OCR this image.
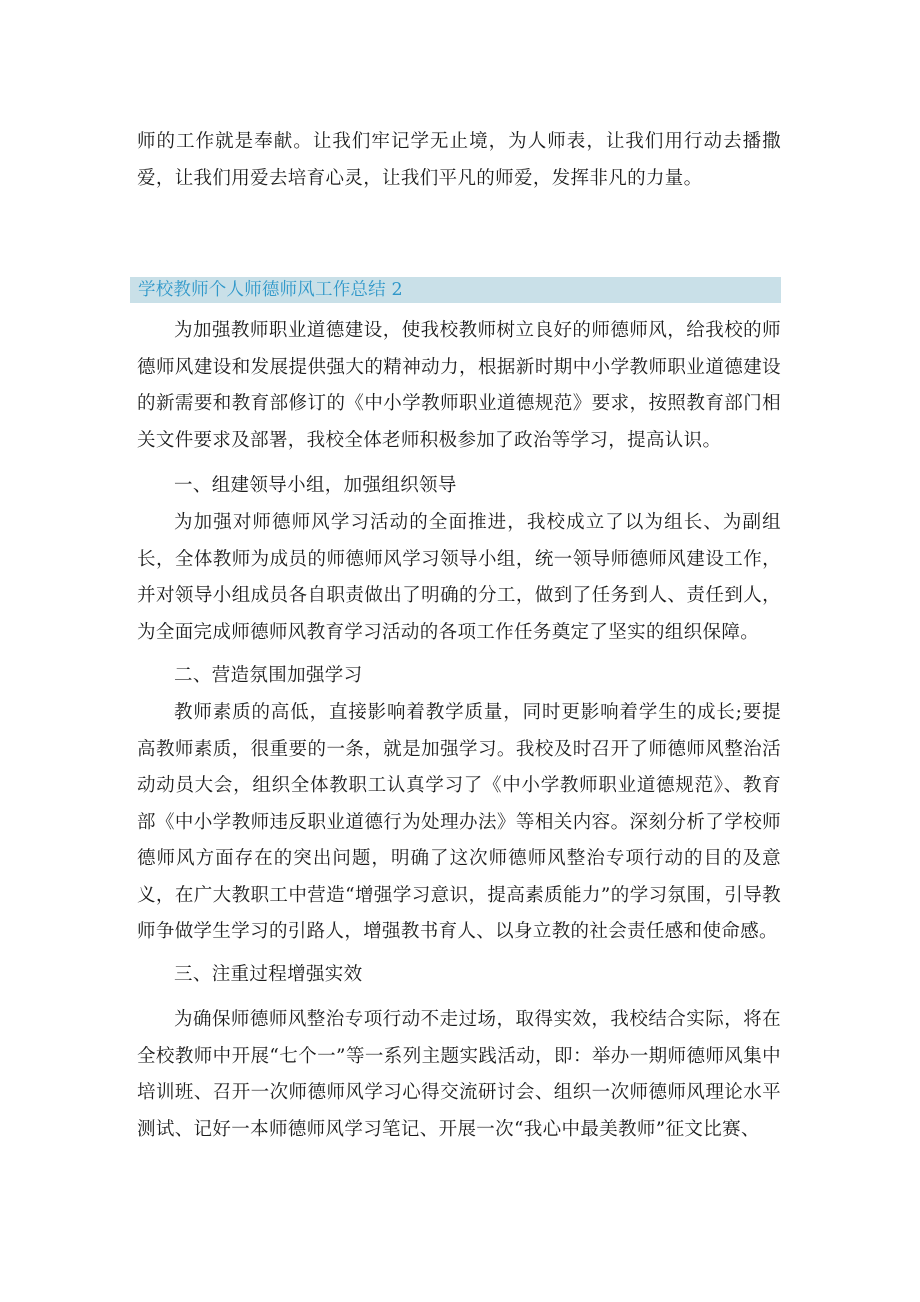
师的工作就是奉献。让我们牢记学无止境，为人师表，让我们用行动去播撒爱，让我们用爱去培育心灵，让我们平凡的师爱，发挥非凡的力量。

学校教师个人师德师风工作总结 2

为加强教师职业道德建设，使我校教师树立良好的师德师风，给我校的师德师风建设和发展提供强大的精神动力，根据新时期中小学教师职业道德建设的新需要和教育部修订的《中小学教师职业道德规范》要求，按照教育部门相关文件要求及部署，我校全体老师积极参加了政治等学习，提高认识。

一、组建领导小组，加强组织领导

为加强对师德师风学习活动的全面推进，我校成立了以为组长、为副组长，全体教师为成员的师德师风学习领导小组，统一领导师德师风建设工作，并对领导小组成员各自职责做出了明确的分工，做到了任务到人、责任到人，为全面完成师德师风教育学习活动的各项工作任务奠定了坚实的组织保障。

二、营造氛围加强学习

教师素质的高低，直接影响着教学质量，同时更影响着学生的成长;要提高教师素质，很重要的一条，就是加强学习。我校及时召开了师德师风整治活动动员大会，组织全体教职工认真学习了《中小学教师职业道德规范》、教育部《中小学教师违反职业道德行为处理办法》等相关内容。深刻分析了学校师德师风方面存在的突出问题，明确了这次师德师风整治专项行动的目的及意义，在广大教职工中营造“增强学习意识，提高素质能力”的学习氛围，引导教师争做学生学习的引路人，增强教书育人、以身立教的社会责任感和使命感。

三、注重过程增强实效

为确保师德师风整治专项行动不走过场，取得实效，我校结合实际，将在全校教师中开展“七个一”等一系列主题实践活动，即：举办一期师德师风集中培训班、召开一次师德师风学习心得交流研讨会、组织一次师德师风理论水平测试、记好一本师德师风学习笔记、开展一次“我心中最美教师”征文比赛、
